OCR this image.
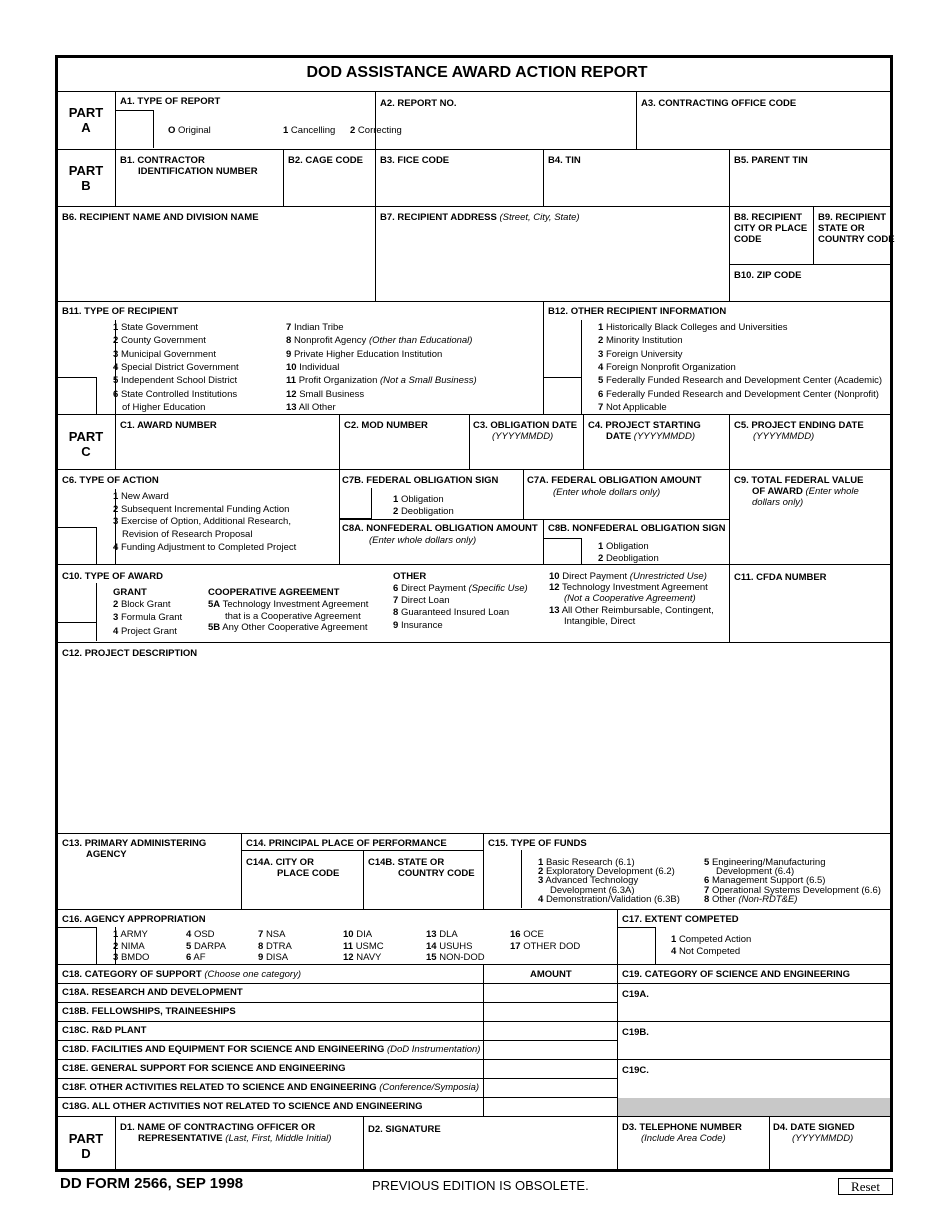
DOD ASSISTANCE AWARD ACTION REPORT
PART
A
A1. TYPE OF REPORT
O Original	1 Cancelling 2 Correcting
A2. REPORT NO.	A3. CONTRACTING OFFICE CODE
PART
B
B1. CONTRACTOR
IDENTIFICATION NUMBER
B2. CAGE CODE B3. FICE CODE	B4. TIN	B5. PARENT TIN
B6. RECIPIENT NAME AND DIVISION NAME	B7. RECIPIENT ADDRESS (Street, City, State)	B8. RECIPIENT
CITY OR PLACE
CODE
B9. RECIPIENT
STATE OR
COUNTRY CODE
B10. ZIP CODE
B11. TYPE OF RECIPIENT
1 State Government
2 County Government
3 Municipal Government
4 Special District Government
5 Independent School District
6 State Controlled Institutions
of Higher Education
7 Indian Tribe
8 Nonprofit Agency (Other than Educational)
9 Private Higher Education Institution
10 Individual
11 Profit Organization (Not a Small Business)
12 Small Business
13 All Other
B12. OTHER RECIPIENT INFORMATION
1 Historically Black Colleges and Universities
2 Minority Institution
3 Foreign University
4 Foreign Nonprofit Organization
5 Federally Funded Research and Development Center (Academic)
6 Federally Funded Research and Development Center (Nonprofit)
7 Not Applicable
PART
C
C1. AWARD NUMBER	C2. MOD NUMBER	C3. OBLIGATION DATE
(YYYYMMDD)
C4. PROJECT STARTING
DATE (YYYYMMDD)
C5. PROJECT ENDING DATE
(YYYYMMDD)
C6. TYPE OF ACTION
1 New Award
2 Subsequent Incremental Funding Action
3 Exercise of Option, Additional Research,
Revision of Research Proposal
4 Funding Adjustment to Completed Project
C7B. FEDERAL OBLIGATION SIGN
1 Obligation
2 Deobligation
C7A. FEDERAL OBLIGATION AMOUNT
(Enter whole dollars only)
C8A. NONFEDERAL OBLIGATION AMOUNT
(Enter whole dollars only)
C8B. NONFEDERAL OBLIGATION SIGN
1 Obligation
2 Deobligation
C9. TOTAL FEDERAL VALUE
OF AWARD (Enter whole
dollars only)
C10. TYPE OF AWARD
GRANT
2 Block Grant
3 Formula Grant
4 Project Grant
COOPERATIVE AGREEMENT
5A Technology Investment Agreement
that is a Cooperative Agreement
5B Any Other Cooperative Agreement
OTHER
6 Direct Payment (Specific Use)
7 Direct Loan
8 Guaranteed Insured Loan
9 Insurance
10 Direct Payment (Unrestricted Use)
12 Technology Investment Agreement
(Not a Cooperative Agreement)
13 All Other Reimbursable, Contingent,
Intangible, Direct
C11. CFDA NUMBER
C12. PROJECT DESCRIPTION
C13. PRIMARY ADMINISTERING
AGENCY
C14. PRINCIPAL PLACE OF PERFORMANCE
C14A. CITY OR
PLACE CODE
C14B. STATE OR
COUNTRY CODE
C15. TYPE OF FUNDS
1 Basic Research (6.1)
2 Exploratory Development (6.2)
3 Advanced Technology
Development (6.3A)
4 Demonstration/Validation (6.3B)
5 Engineering/Manufacturing
Development (6.4)
6 Management Support (6.5)
7 Operational Systems Development (6.6)
8 Other (Non-RDT&E)
C16. AGENCY APPROPRIATION
1 ARMY
2 NIMA
3 BMDO
4 OSD
5 DARPA
6 AF
7 NSA
8 DTRA
9 DISA
10 DIA
11 USMC
12 NAVY
13 DLA
14 USUHS
15 NON-DOD
16 OCE
17 OTHER DOD
C17. EXTENT COMPETED
1 Competed Action
4 Not Competed
C18. CATEGORY OF SUPPORT (Choose one category)	AMOUNT	C19. CATEGORY OF SCIENCE AND ENGINEERING
C18A. RESEARCH AND DEVELOPMENT
C18B. FELLOWSHIPS, TRAINEESHIPS
C18C. R&D PLANT
C18D. FACILITIES AND EQUIPMENT FOR SCIENCE AND ENGINEERING (DoD Instrumentation)
C18E. GENERAL SUPPORT FOR SCIENCE AND ENGINEERING
C18F. OTHER ACTIVITIES RELATED TO SCIENCE AND ENGINEERING (Conference/Symposia)
C18G. ALL OTHER ACTIVITIES NOT RELATED TO SCIENCE AND ENGINEERING
C19A.
C19B.
C19C.
PART
D
D1. NAME OF CONTRACTING OFFICER OR
REPRESENTATIVE (Last, First, Middle Initial)
D2. SIGNATURE	D3. TELEPHONE NUMBER
(Include Area Code)
D4. DATE SIGNED
(YYYYMMDD)
DD FORM 2566, SEP 1998	PREVIOUS EDITION IS OBSOLETE.	Reset
